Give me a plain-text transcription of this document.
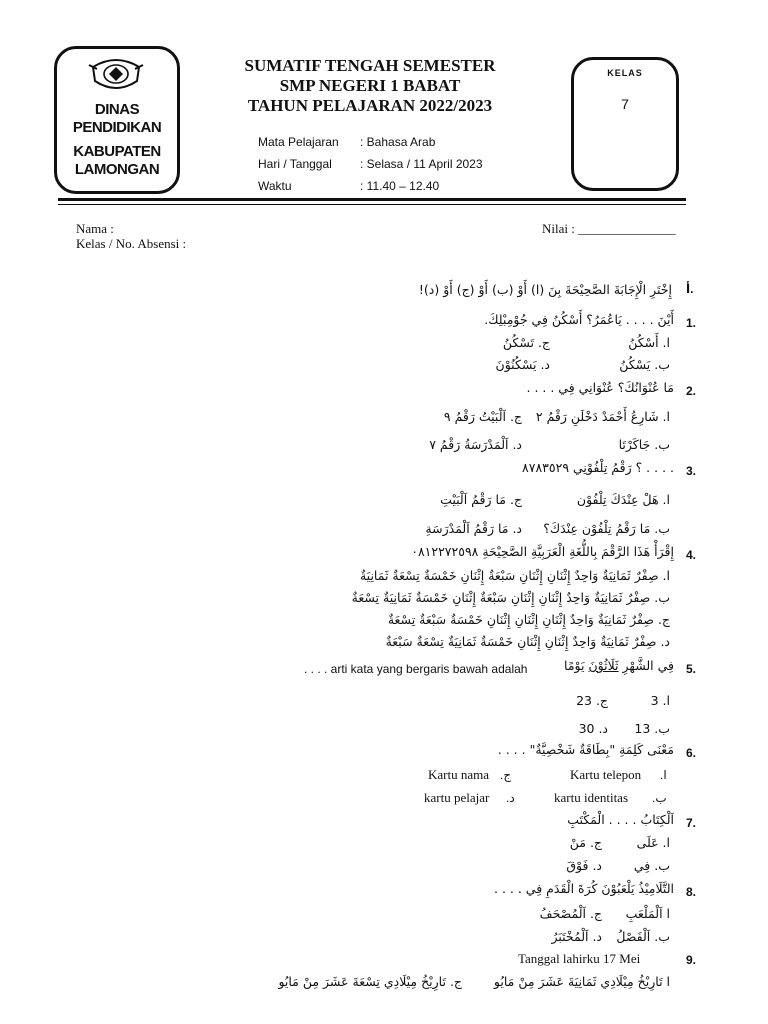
DINAS PENDIDIKAN
KABUPATEN LAMONGAN
SUMATIF TENGAH SEMESTER
SMP NEGERI 1 BABAT
TAHUN PELAJARAN 2022/2023
KELAS
7
Mata Pelajaran : Bahasa Arab
Hari / Tanggal : Selasa / 11 April 2023
Waktu	: 11.40 – 12.40
Nama :
Kelas / No. Absensi :
Nilai : _______________
أ.
إِخْتَرِ الْإِجَابَةَ الصَّحِيْحَةَ بِنَ (ا) أَوْ (ب) أَوْ (ج) أَوْ (د)!
1.
أَيْنَ . . . . يَاعُمَرُ؟ أَسْكُنُ فِي جُوْمِبْلِكَ.
ا. أَسْكُنُ
ج. تَسْكُنُ
ب. يَسْكُنُ
د. يَسْكُنُوْنَ
2.
مَا عُنْوَانُكَ؟ عُنْوَانِي فِي . . . .
ا. شَارِعُ أَحْمَدْ دَخْلَنِ رَقْمُ ٢
ج. اَلْبَيْتُ رَقْمُ ٩
ب. جَاكَرْتَا
د. اَلْمَدْرَسَةُ رَقْمُ ٧
3.
. . . . ؟ رَقْمُ تِلْفُوْنِي ٨٧٨٣٥٢٩
ا. هَلْ عِنْدَكَ تِلْفُوْن
ج. مَا رَقْمُ اَلْبَيْتِ
ب. مَا رَقْمُ تِلْفُوْن عِنْدَكَ؟
د. مَا رَقْمُ اَلْمَدْرَسَةِ
4.
إِقْرَأْ هَذَا الرَّقْمَ بِاللُّغَةِ الْعَرَبِيَّةِ الصَّحِيْحَةِ ٠٨١٢٢٧٢٥٩٨
ا. صِفْرٌ ثَمَانِيَةٌ وَاحِدٌ إِثْنَانِ إِثْنَانِ سَبْعَةٌ إِثْنَانِ خَمْسَةٌ تِسْعَةٌ ثَمَانِيَةٌ
ب. صِفْرٌ ثَمَانِيَةٌ وَاحِدٌ إِثْنَانِ إِثْنَانِ سَبْعَةٌ إِثْنَانِ خَمْسَةٌ ثَمَانِيَةٌ تِسْعَةٌ
ج. صِفْرٌ ثَمَانِيَةٌ وَاحِدٌ إِثْنَانِ إِثْنَانِ إِثْنَانِ خَمْسَةٌ سَبْعَةٌ تِسْعَةٌ
د. صِفْرٌ ثَمَانِيَةٌ وَاحِدٌ إِثْنَانِ إِثْنَانِ خَمْسَةٌ ثَمَانِيَةٌ تِسْعَةٌ سَبْعَةٌ
5.
فِي الشَّهْرِ ثَلَاثُوْنَ يَوْمًا
. . . . arti kata yang bergaris bawah adalah
ا. 3
ج. 23
ب. 13
د. 30
6.
مَعْنَى كَلِمَةِ "بِطَاقَةٌ شَخْصِيَّةٌ" . . . .
Kartu telepon .ا
Kartu nama .ج
kartu identitas .ب
kartu pelajar .د
7.
اَلْكِتَابُ . . . . الْمَكْتَبِ
ا. عَلَى
ج. مَنْ
ب. فِي
د. فَوْقَ
8.
التَّلَامِيْذُ يَلْعَبُوْنَ كُرَةَ الْقَدَمِ فِي . . . .
ا اَلْمَلْعَبِ
ج. اَلْمُصْحَفُ
ب. اَلْفَصْلُ
د. اَلْمُخْتَبَرُ
9.
Tanggal lahirku 17 Mei
ا تَارِيْخُ مِيْلَادِي ثَمَانِيَةَ عَشَرَ مِنْ مَايُو
ج. تَارِيْخُ مِيْلَادِي تِسْعَةَ عَشَرَ مِنْ مَايُو
